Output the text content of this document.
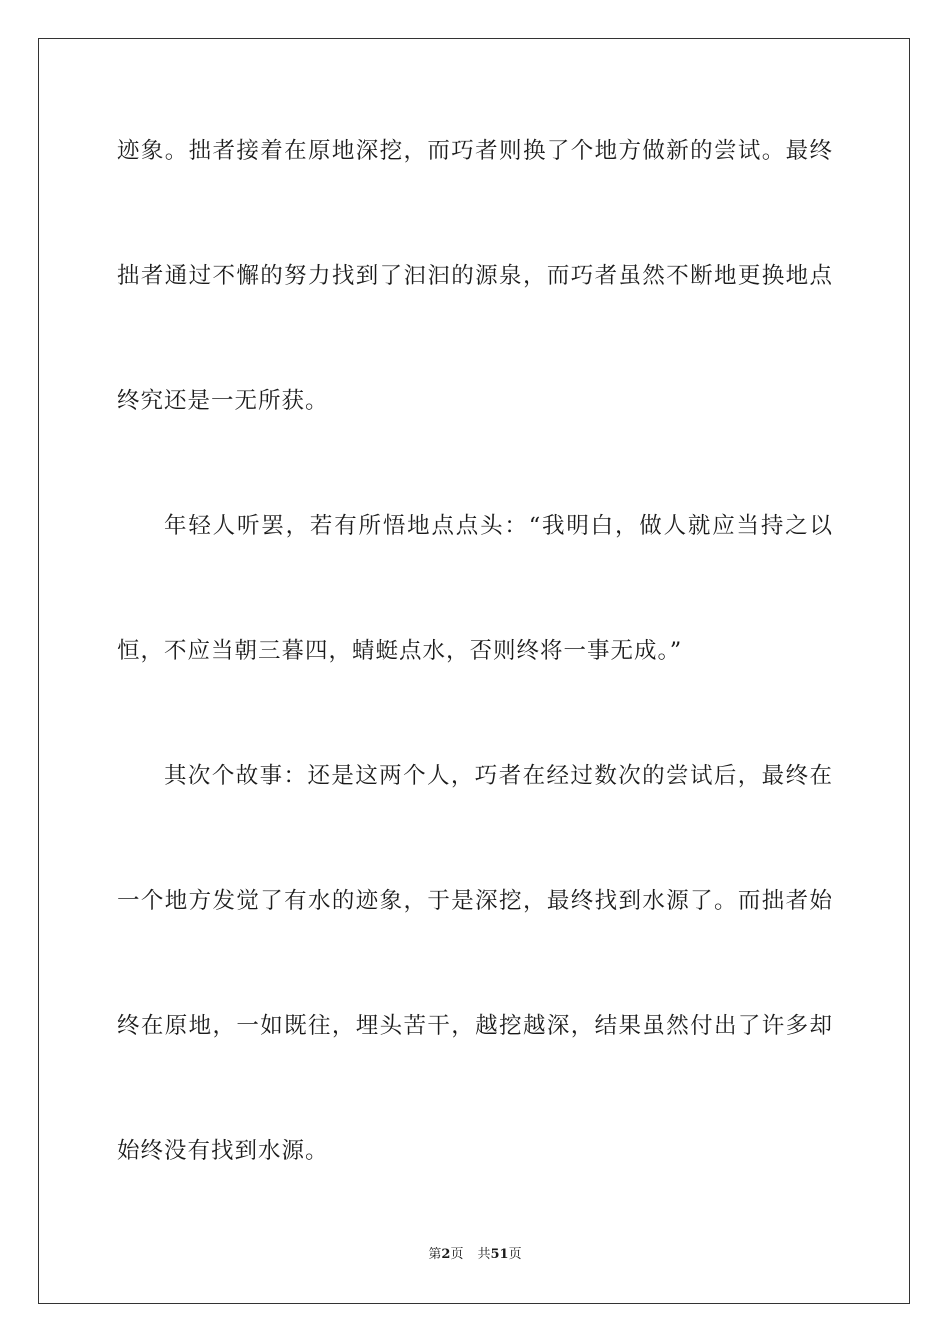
迹象。拙者接着在原地深挖，而巧者则换了个地方做新的尝试。最终
拙者通过不懈的努力找到了汩汩的源泉，而巧者虽然不断地更换地点
终究还是一无所获。
年轻人听罢，若有所悟地点点头：“我明白，做人就应当持之以
恒，不应当朝三暮四，蜻蜓点水，否则终将一事无成。”
其次个故事：还是这两个人，巧者在经过数次的尝试后，最终在
一个地方发觉了有水的迹象，于是深挖，最终找到水源了。而拙者始
终在原地，一如既往，埋头苦干，越挖越深，结果虽然付出了许多却
始终没有找到水源。
第2页 共51页
